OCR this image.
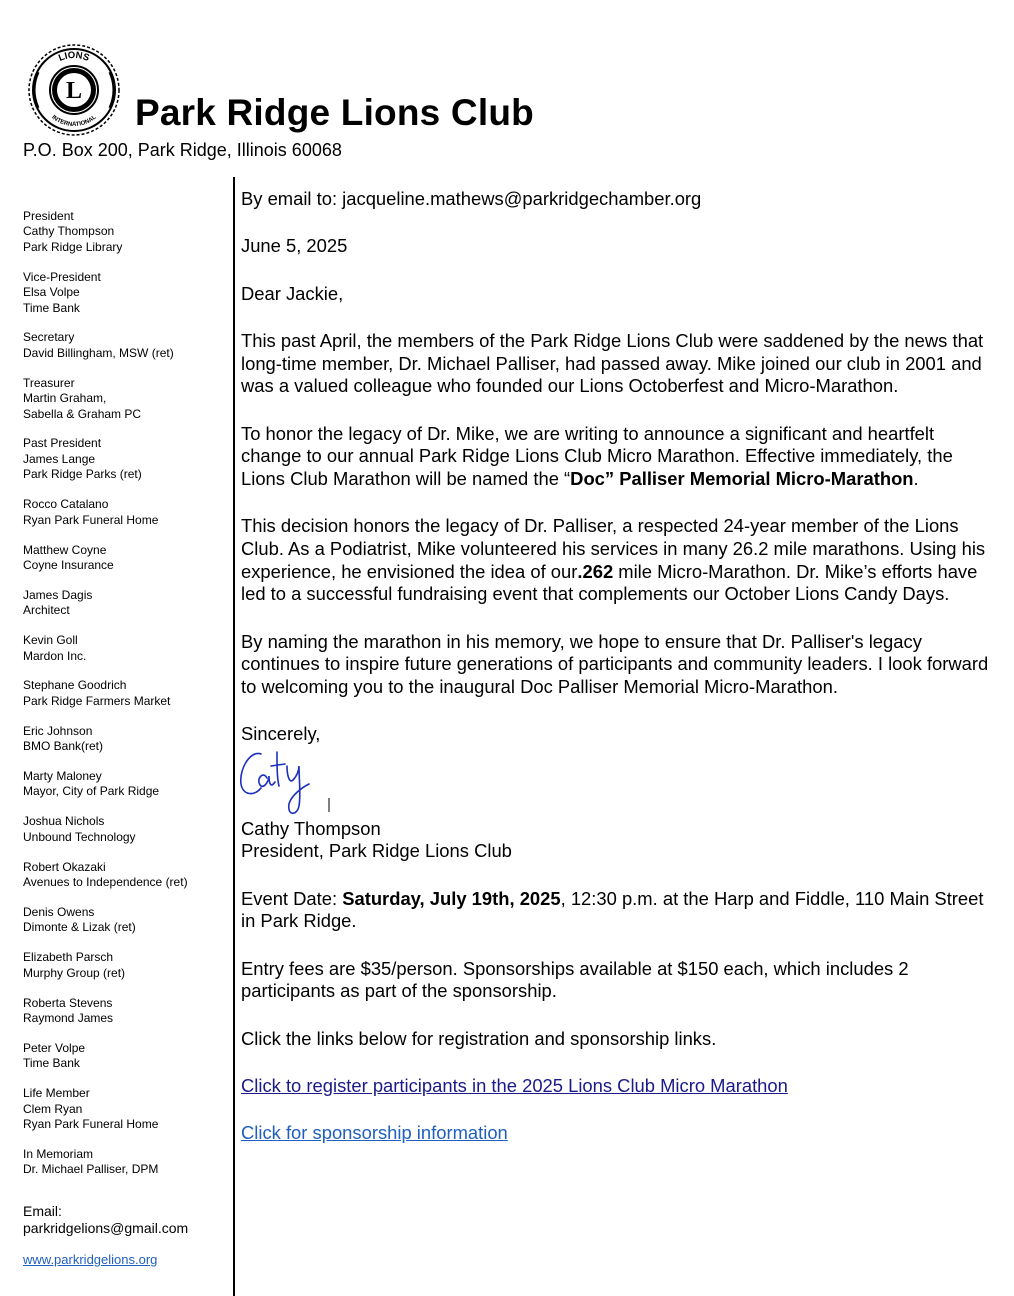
L
LIONS
INTERNATIONAL Park Ridge Lions Club
P.O. Box 200, Park Ridge, Illinois 60068
President
Cathy Thompson
Park Ridge Library
Vice-President
Elsa Volpe
Time Bank
Secretary
David Billingham, MSW (ret)
Treasurer
Martin Graham,
Sabella & Graham PC
Past President
James Lange
Park Ridge Parks (ret)
Rocco Catalano
Ryan Park Funeral Home
Matthew Coyne
Coyne Insurance
James Dagis
Architect
Kevin Goll
Mardon Inc.
Stephane Goodrich
Park Ridge Farmers Market
Eric Johnson
BMO Bank(ret)
Marty Maloney
Mayor, City of Park Ridge
Joshua Nichols
Unbound Technology
Robert Okazaki
Avenues to Independence (ret)
Denis Owens
Dimonte & Lizak (ret)
Elizabeth Parsch
Murphy Group (ret)
Roberta Stevens
Raymond James
Peter Volpe
Time Bank
Life Member
Clem Ryan
Ryan Park Funeral Home
In Memoriam
Dr. Michael Palliser, DPM
Email:
parkridgelions@gmail.com
www.parkridgelions.org

By email to: jacqueline.mathews@parkridgechamber.org

June 5, 2025

Dear Jackie,

This past April, the members of the Park Ridge Lions Club were saddened by the news that long-time member, Dr. Michael Palliser, had passed away. Mike joined our club in 2001 and was a valued colleague who founded our Lions Octoberfest and Micro-Marathon.

To honor the legacy of Dr. Mike, we are writing to announce a significant and heartfelt change to our annual Park Ridge Lions Club Micro Marathon. Effective immediately, the Lions Club Marathon will be named the “Doc” Palliser Memorial Micro-Marathon.

This decision honors the legacy of Dr. Palliser, a respected 24-year member of the Lions Club. As a Podiatrist, Mike volunteered his services in many 26.2 mile marathons. Using his experience, he envisioned the idea of our.262 mile Micro-Marathon. Dr. Mike’s efforts have led to a successful fundraising event that complements our October Lions Candy Days.

By naming the marathon in his memory, we hope to ensure that Dr. Palliser's legacy continues to inspire future generations of participants and community leaders. I look forward to welcoming you to the inaugural Doc Palliser Memorial Micro-Marathon.

Sincerely,

Cathy Thompson

President, Park Ridge Lions Club

Event Date: Saturday, July 19th, 2025, 12:30 p.m. at the Harp and Fiddle, 110 Main Street in Park Ridge.

Entry fees are $35/person. Sponsorships available at $150 each, which includes 2 participants as part of the sponsorship.

Click the links below for registration and sponsorship links.

Click to register participants in the 2025 Lions Club Micro Marathon

Click for sponsorship information
